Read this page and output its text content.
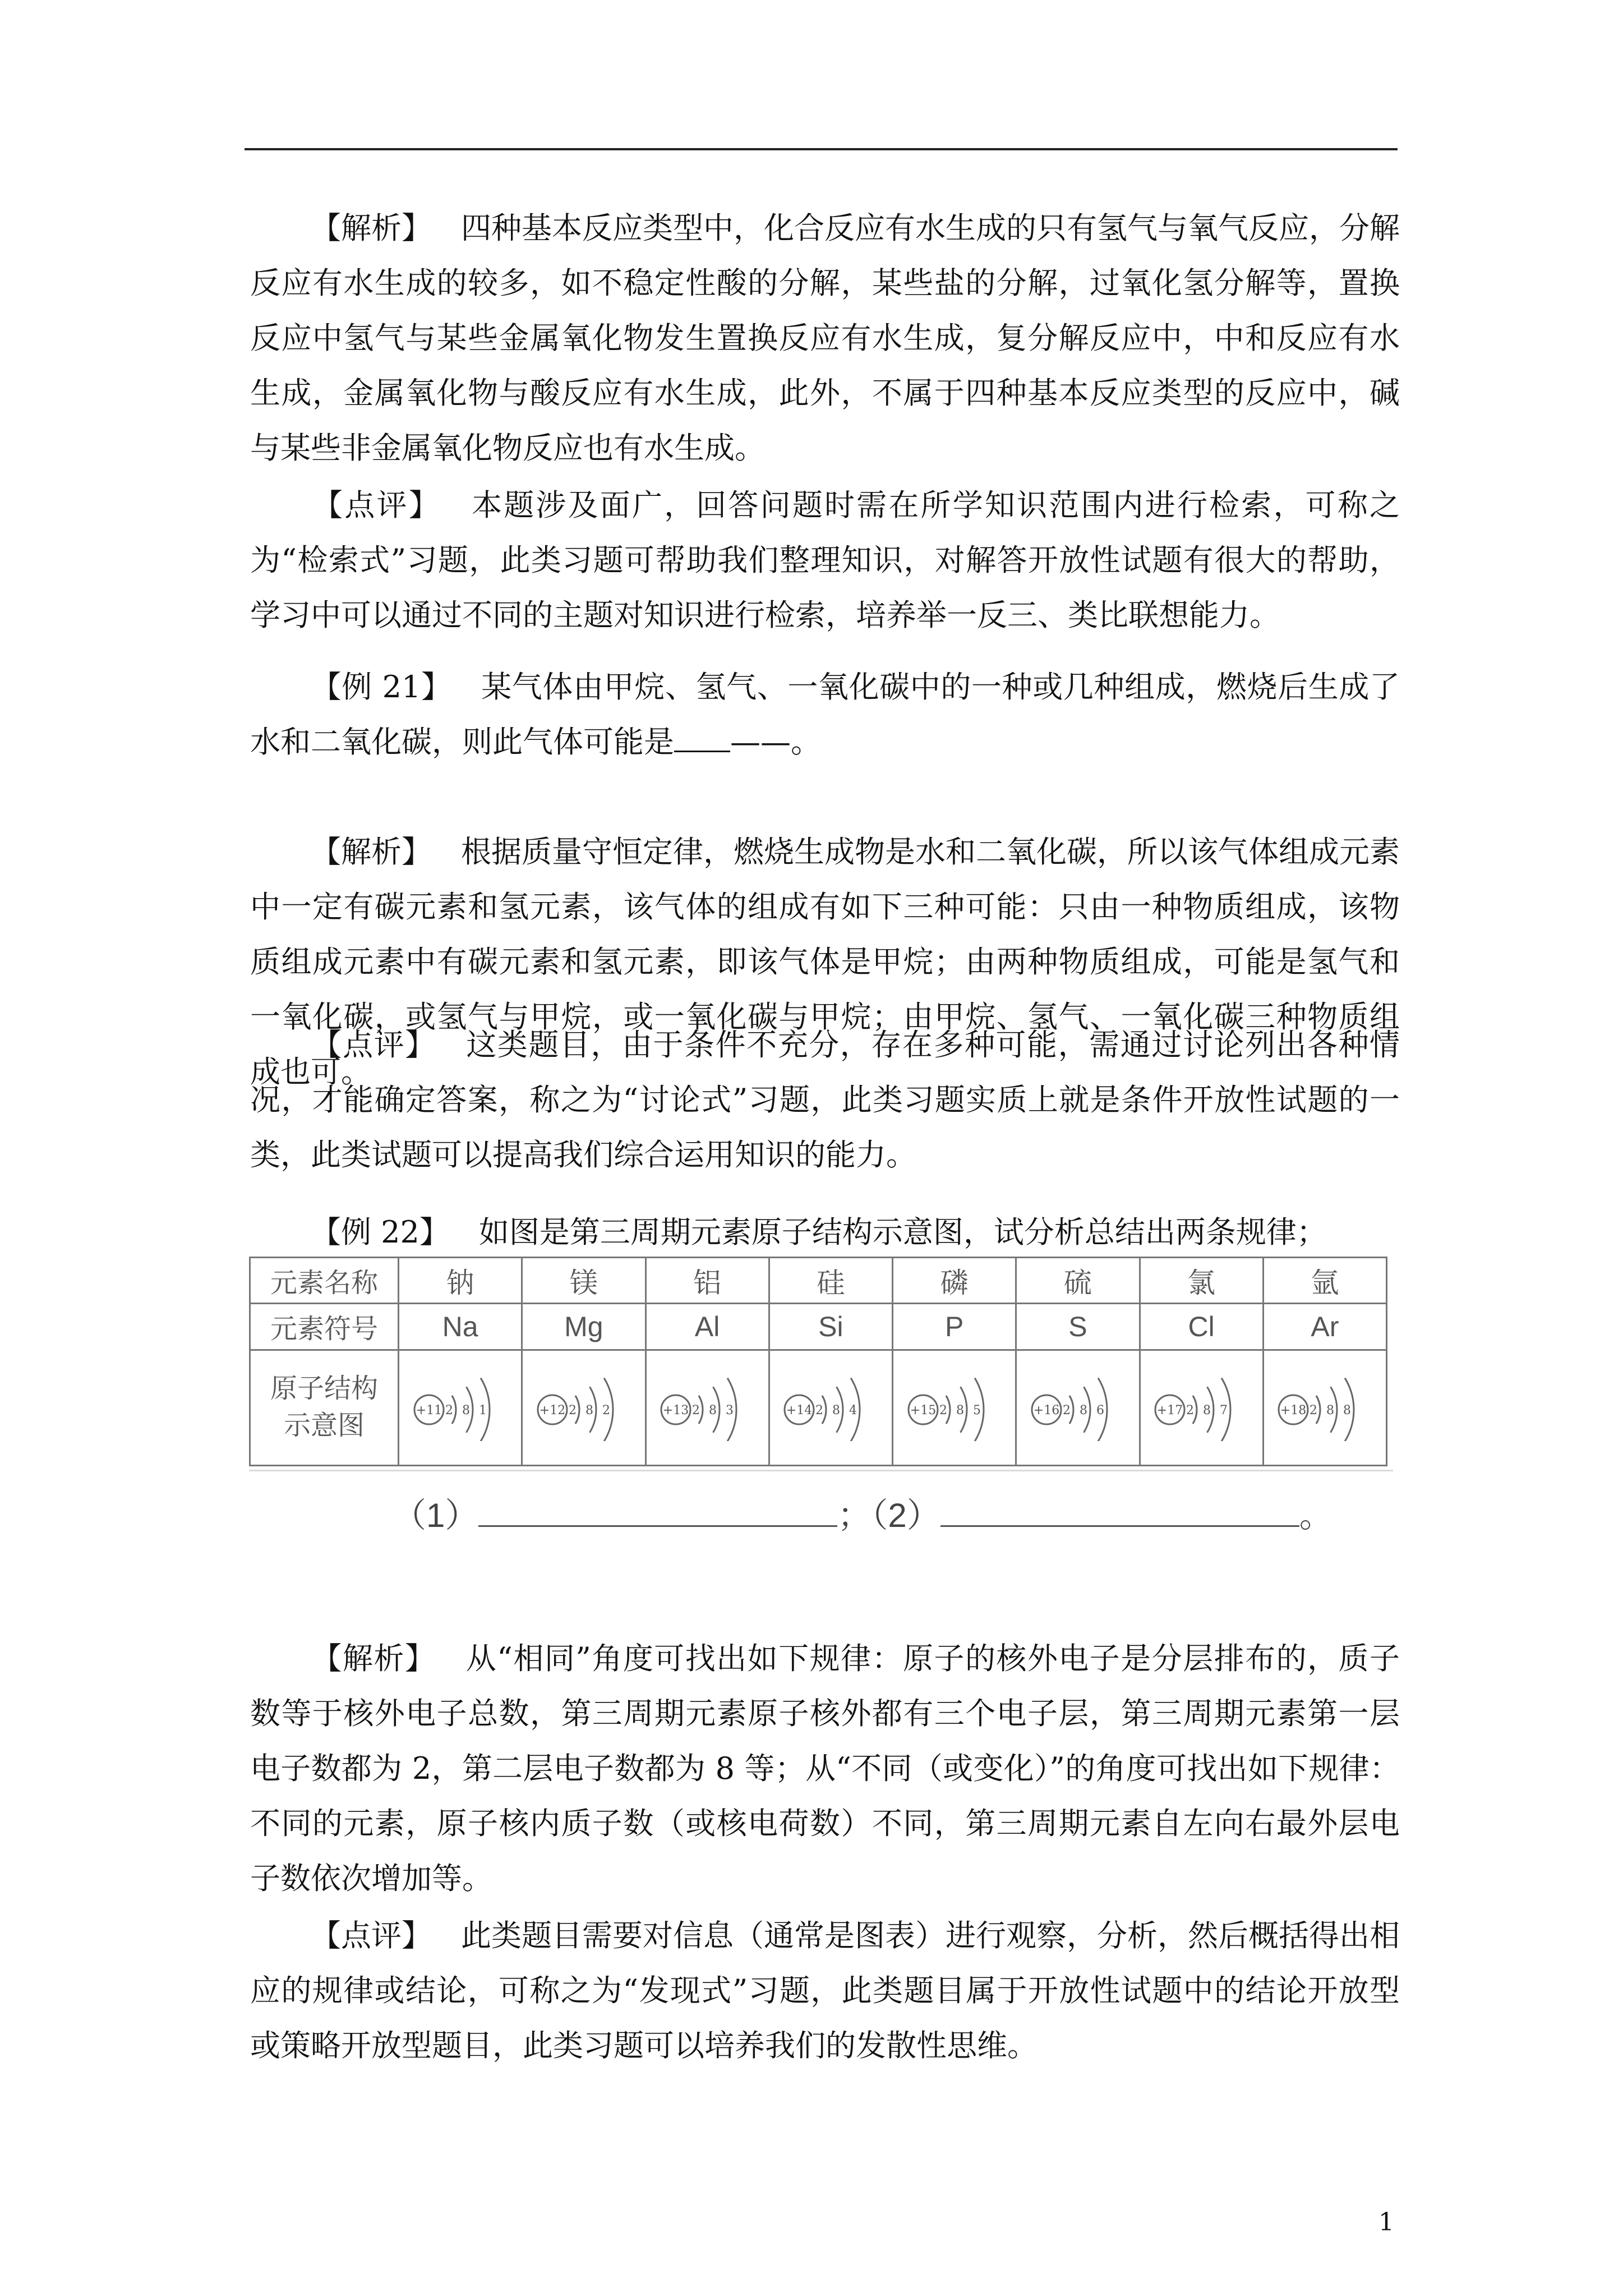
【解析】 四种基本反应类型中，化合反应有水生成的只有氢气与氧气反应，分解反应有水生成的较多，如不稳定性酸的分解，某些盐的分解，过氧化氢分解等，置换反应中氢气与某些金属氧化物发生置换反应有水生成，复分解反应中，中和反应有水生成，金属氧化物与酸反应有水生成，此外，不属于四种基本反应类型的反应中，碱与某些非金属氧化物反应也有水生成。

【点评】 本题涉及面广，回答问题时需在所学知识范围内进行检索，可称之为“检索式”习题，此类习题可帮助我们整理知识，对解答开放性试题有很大的帮助，学习中可以通过不同的主题对知识进行检索，培养举一反三、类比联想能力。

【例 21】 某气体由甲烷、氢气、一氧化碳中的一种或几种组成，燃烧后生成了水和二氧化碳，则此气体可能是 ——。

【解析】 根据质量守恒定律，燃烧生成物是水和二氧化碳，所以该气体组成元素中一定有碳元素和氢元素，该气体的组成有如下三种可能：只由一种物质组成，该物质组成元素中有碳元素和氢元素，即该气体是甲烷；由两种物质组成，可能是氢气和一氧化碳，或氢气与甲烷，或一氧化碳与甲烷；由甲烷、氢气、一氧化碳三种物质组成也可。

【点评】 这类题目，由于条件不充分，存在多种可能，需通过讨论列出各种情况，才能确定答案，称之为“讨论式”习题，此类习题实质上就是条件开放性试题的一类，此类试题可以提高我们综合运用知识的能力。

【例 22】 如图是第三周期元素原子结构示意图，试分析总结出两条规律；

元素名称	钠	镁	铝	硅	磷	硫	氯	氩
元素符号	Na	Mg	Al	Si	P	S	Cl	Ar
原子结构
示意图	+11 2 8 1	+12 2 8 2	+13 2 8 3	+14 2 8 4	+15 2 8 5	+16 2 8 6	+17 2 8 7	+18 2 8 8
（1）	；（2）	。

【解析】 从“相同”角度可找出如下规律：原子的核外电子是分层排布的，质子数等于核外电子总数，第三周期元素原子核外都有三个电子层，第三周期元素第一层电子数都为 2，第二层电子数都为 8 等；从“不同（或变化）”的角度可找出如下规律：不同的元素，原子核内质子数（或核电荷数）不同，第三周期元素自左向右最外层电子数依次增加等。

【点评】 此类题目需要对信息（通常是图表）进行观察，分析，然后概括得出相应的规律或结论，可称之为“发现式”习题，此类题目属于开放性试题中的结论开放型或策略开放型题目，此类习题可以培养我们的发散性思维。

1
